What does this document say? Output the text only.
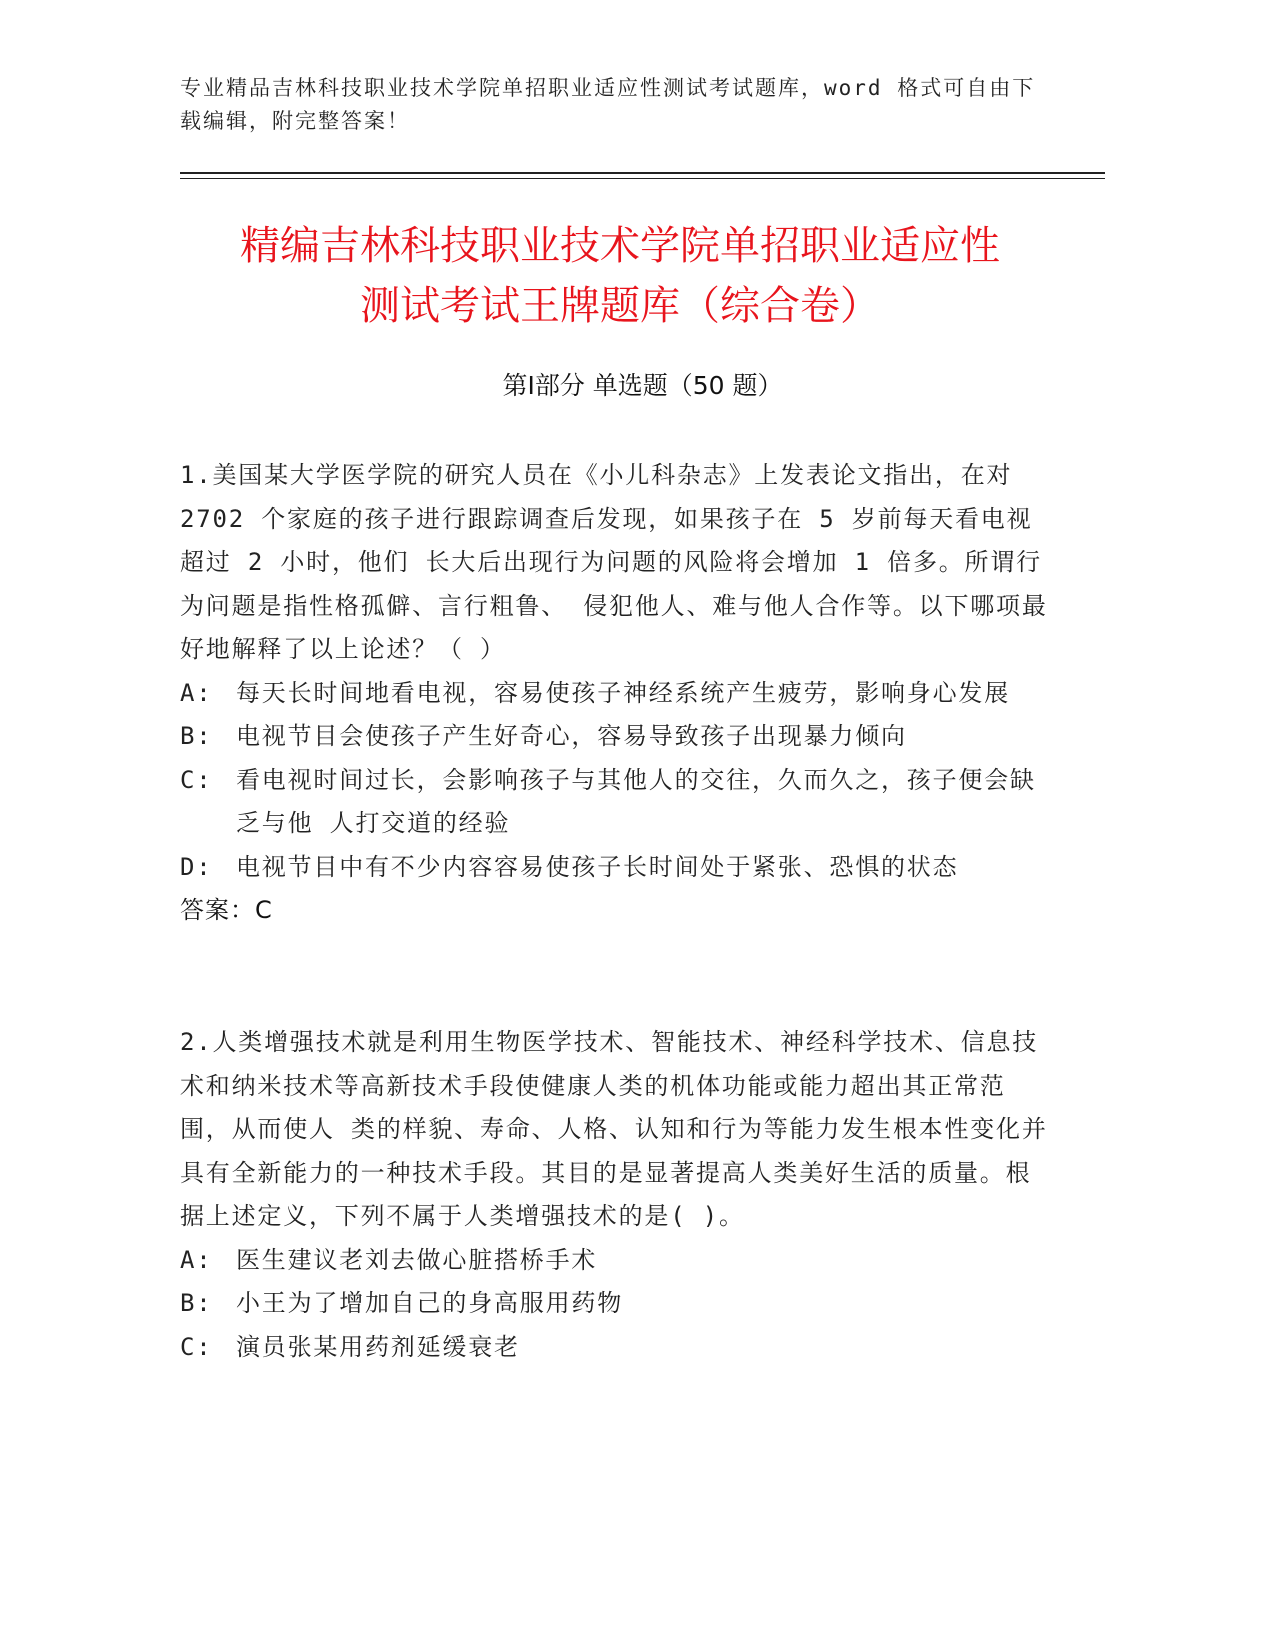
专业精品吉林科技职业技术学院单招职业适应性测试考试题库，word 格式可自由下载编辑，附完整答案！
精编吉林科技职业技术学院单招职业适应性
测试考试王牌题库（综合卷）
第Ⅰ部分 单选题（50 题）

1.美国某大学医学院的研究人员在《小儿科杂志》上发表论文指出，在对 2702 个家庭的孩子进行跟踪调查后发现，如果孩子在 5 岁前每天看电视超过 2 小时，他们 长大后出现行为问题的风险将会增加 1 倍多。所谓行为问题是指性格孤僻、言行粗鲁、 侵犯他人、难与他人合作等。以下哪项最好地解释了以上论述？（ ）

A: 每天长时间地看电视，容易使孩子神经系统产生疲劳，影响身心发展
B: 电视节目会使孩子产生好奇心，容易导致孩子出现暴力倾向
C: 看电视时间过长，会影响孩子与其他人的交往，久而久之，孩子便会缺乏与他 人打交道的经验
D: 电视节目中有不少内容容易使孩子长时间处于紧张、恐惧的状态

答案：C

2.人类增强技术就是利用生物医学技术、智能技术、神经科学技术、信息技术和纳米技术等高新技术手段使健康人类的机体功能或能力超出其正常范围，从而使人 类的样貌、寿命、人格、认知和行为等能力发生根本性变化并具有全新能力的一种技术手段。其目的是显著提高人类美好生活的质量。根据上述定义，下列不属于人类增强技术的是( )。

A: 医生建议老刘去做心脏搭桥手术
B: 小王为了增加自己的身高服用药物
C: 演员张某用药剂延缓衰老
